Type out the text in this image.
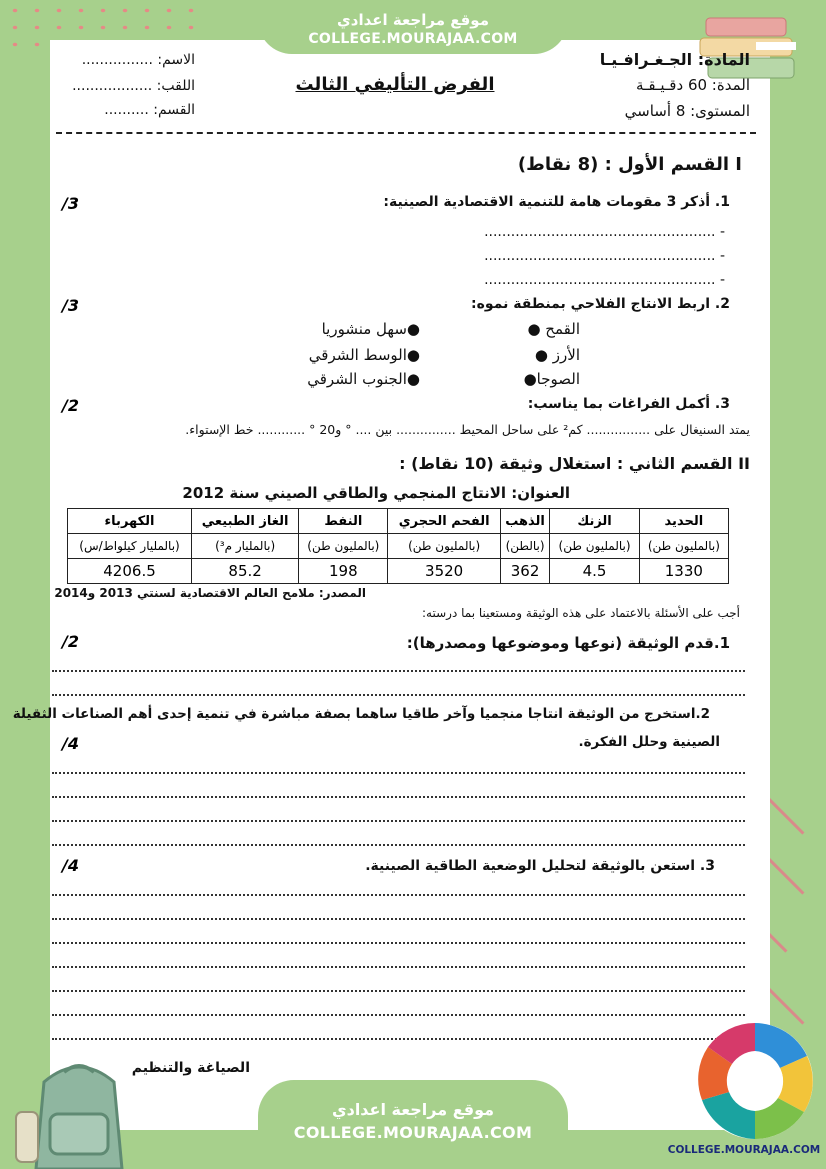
موقع مراجعة اعدادي
COLLEGE.MOURAJAA.COM
الاسم: ................
اللقب: ..................
القسم: ..........
الفرض التأليفي الثالث
المادة: الجـغـرافـيـا
المدة: 60 دقـيـقـة
المستوى: 8 أساسي
I القسم الأول : (8 نقاط)
/3	1. أذكر 3 مقومات هامة للتنمية الاقتصادية الصينية:
- ....................................................
- ....................................................
- ....................................................
/3	2. اربط الانتاج الفلاحي بمنطقة نموه:
القمح ●
الأرز ●
الصوجا●
●سهل منشوريا
●الوسط الشرقي
●الجنوب الشرقي
/2	3. أكمل الفراغات بما يناسب:
يمتد السنيغال على ................ كم² على ساحل المحيط ............... بين .... ° و20 ° ............ خط الإستواء.
II القسم الثاني : استغلال وثيقة (10 نقاط) :
العنوان: الانتاج المنجمي والطاقي الصيني سنة 2012
الحديد	الزنك	الذهب	الفحم الحجري	النفط	الغاز الطبيعي	الكهرباء
(بالمليون طن)	(بالمليون طن)	(بالطن)	(بالمليون طن)	(بالمليون طن)	(بالمليار م³)	(بالمليار كيلواط/س)
1330	4.5	362	3520	198	85.2	4206.5
المصدر: ملامح العالم الاقتصادية لسنتي 2013 و2014
أجب على الأسئلة بالاعتماد على هذه الوثيقة ومستعينا بما درسته:
/2	1.قدم الوثيقة (نوعها وموضوعها ومصدرها):
2.استخرج من الوثيقة انتاجا منجميا وآخر طاقيا ساهما بصفة مباشرة في تنمية إحدى أهم الصناعات الثقيلة
الصينية وحلل الفكرة.
/4
/4	3. استعن بالوثيقة لتحليل الوضعية الطاقية الصينية.
الصياغة والتنظيم
موقع مراجعة اعدادي
COLLEGE.MOURAJAA.COM
COLLEGE.MOURAJAA.COM
